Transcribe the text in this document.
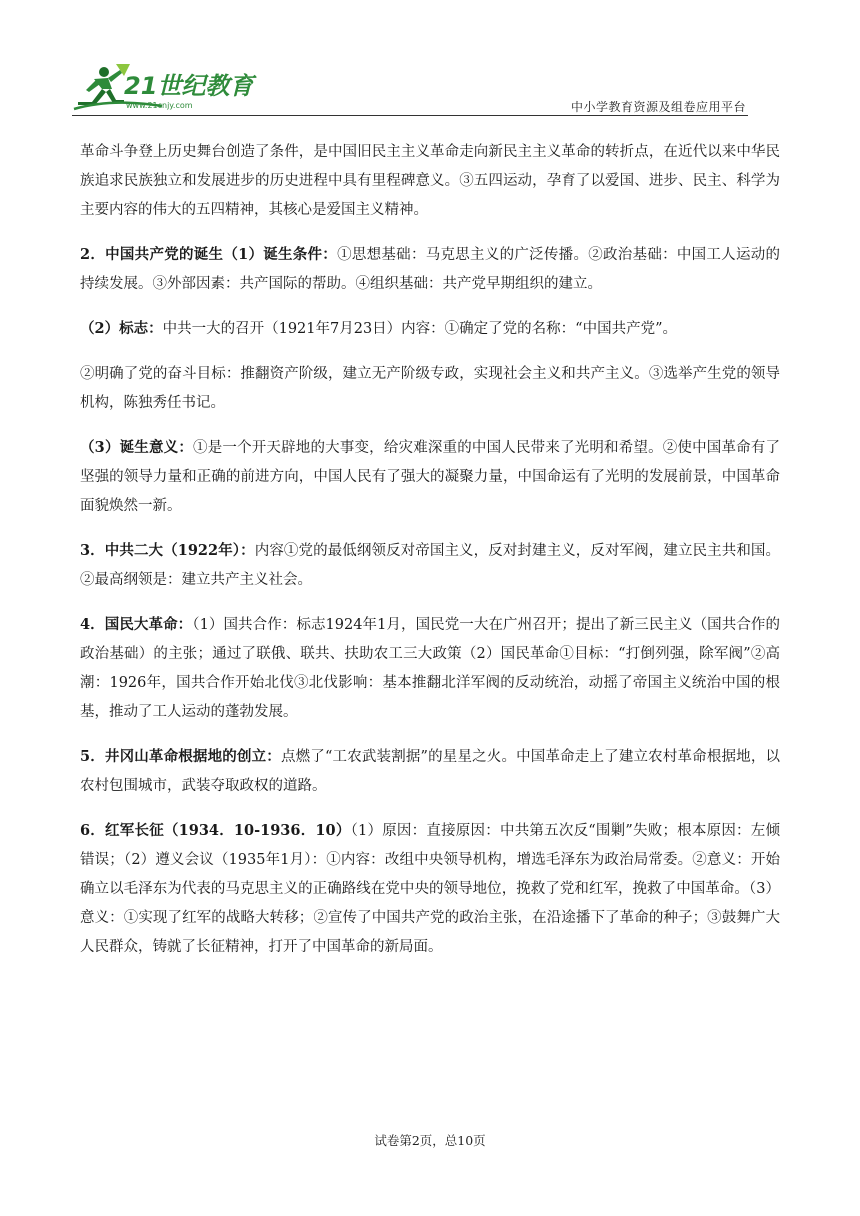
21世纪教育
www.21cnjy.com	中小学教育资源及组卷应用平台

革命斗争登上历史舞台创造了条件，是中国旧民主主义革命走向新民主主义革命的转折点，在近代以来中华民族追求民族独立和发展进步的历史进程中具有里程碑意义。③五四运动，孕育了以爱国、进步、民主、科学为主要内容的伟大的五四精神，其核心是爱国主义精神。

2．中国共产党的诞生（1）诞生条件：①思想基础：马克思主义的广泛传播。②政治基础：中国工人运动的持续发展。③外部因素：共产国际的帮助。④组织基础：共产党早期组织的建立。

（2）标志：中共一大的召开（1921年7月23日）内容：①确定了党的名称：“中国共产党”。

②明确了党的奋斗目标：推翻资产阶级，建立无产阶级专政，实现社会主义和共产主义。③选举产生党的领导机构，陈独秀任书记。

（3）诞生意义：①是一个开天辟地的大事变，给灾难深重的中国人民带来了光明和希望。②使中国革命有了坚强的领导力量和正确的前进方向，中国人民有了强大的凝聚力量，中国命运有了光明的发展前景，中国革命面貌焕然一新。

3．中共二大（1922年）：内容①党的最低纲领反对帝国主义，反对封建主义，反对军阀，建立民主共和国。②最高纲领是：建立共产主义社会。

4．国民大革命：（1）国共合作：标志1924年1月，国民党一大在广州召开；提出了新三民主义（国共合作的政治基础）的主张；通过了联俄、联共、扶助农工三大政策（2）国民革命①目标：“打倒列强，除军阀”②高潮：1926年，国共合作开始北伐③北伐影响：基本推翻北洋军阀的反动统治，动摇了帝国主义统治中国的根基，推动了工人运动的蓬勃发展。

5．井冈山革命根据地的创立：点燃了“工农武装割据”的星星之火。中国革命走上了建立农村革命根据地，以农村包围城市，武装夺取政权的道路。

6．红军长征（1934．10-1936．10）（1）原因：直接原因：中共第五次反“围剿”失败；根本原因：左倾错误；（2）遵义会议（1935年1月）：①内容：改组中央领导机构，增选毛泽东为政治局常委。②意义：开始确立以毛泽东为代表的马克思主义的正确路线在党中央的领导地位，挽救了党和红军，挽救了中国革命。（3）意义：①实现了红军的战略大转移；②宣传了中国共产党的政治主张，在沿途播下了革命的种子；③鼓舞广大人民群众，铸就了长征精神，打开了中国革命的新局面。

试卷第2页，总10页
